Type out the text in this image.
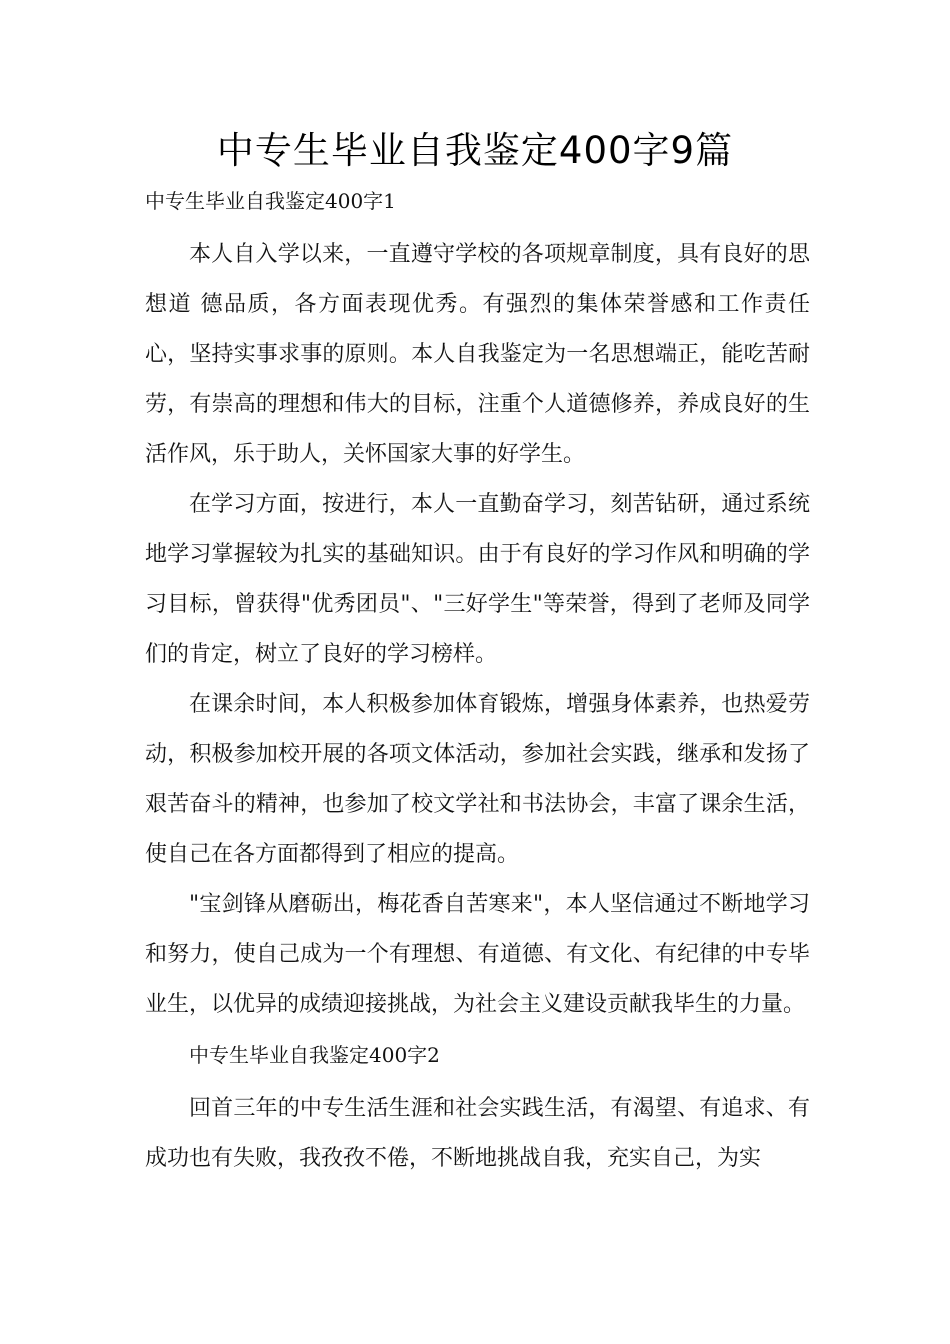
中专生毕业自我鉴定400字9篇
中专生毕业自我鉴定400字1

本人自入学以来，一直遵守学校的各项规章制度，具有良好的思想道 德品质，各方面表现优秀。有强烈的集体荣誉感和工作责任心，坚持实事求事的原则。本人自我鉴定为一名思想端正，能吃苦耐劳，有崇高的理想和伟大的目标，注重个人道德修养，养成良好的生活作风，乐于助人，关怀国家大事的好学生。

在学习方面，按进行，本人一直勤奋学习，刻苦钻研，通过系统地学习掌握较为扎实的基础知识。由于有良好的学习作风和明确的学习目标，曾获得"优秀团员"、"三好学生"等荣誉，得到了老师及同学们的肯定，树立了良好的学习榜样。

在课余时间，本人积极参加体育锻炼，增强身体素养，也热爱劳动，积极参加校开展的各项文体活动，参加社会实践，继承和发扬了艰苦奋斗的精神，也参加了校文学社和书法协会，丰富了课余生活，使自己在各方面都得到了相应的提高。

"宝剑锋从磨砺出，梅花香自苦寒来"，本人坚信通过不断地学习和努力，使自己成为一个有理想、有道德、有文化、有纪律的中专毕业生，以优异的成绩迎接挑战，为社会主义建设贡献我毕生的力量。

中专生毕业自我鉴定400字2

回首三年的中专生活生涯和社会实践生活，有渴望、有追求、有成功也有失败，我孜孜不倦，不断地挑战自我，充实自己，为实
